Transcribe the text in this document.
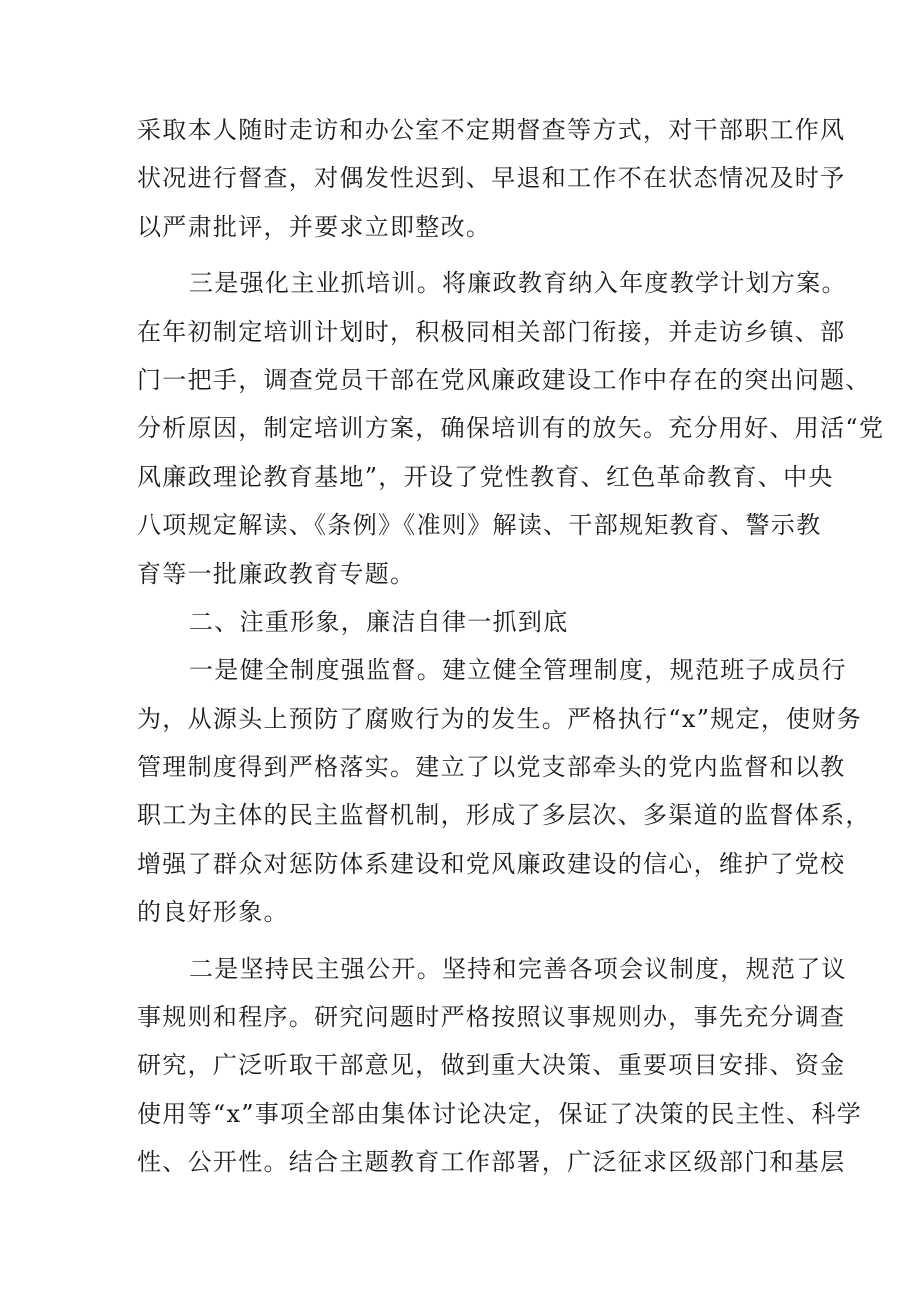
采取本人随时走访和办公室不定期督查等方式，对干部职工作风
状况进行督查，对偶发性迟到、早退和工作不在状态情况及时予
以严肃批评，并要求立即整改。
三是强化主业抓培训。将廉政教育纳入年度教学计划方案。
在年初制定培训计划时，积极同相关部门衔接，并走访乡镇、部
门一把手，调查党员干部在党风廉政建设工作中存在的突出问题、
分析原因，制定培训方案，确保培训有的放矢。充分用好、用活“党
风廉政理论教育基地”，开设了党性教育、红色革命教育、中央
八项规定解读、《条例》《准则》解读、干部规矩教育、警示教
育等一批廉政教育专题。
二、注重形象，廉洁自律一抓到底
一是健全制度强监督。建立健全管理制度，规范班子成员行
为，从源头上预防了腐败行为的发生。严格执行“x”规定，使财务
管理制度得到严格落实。建立了以党支部牵头的党内监督和以教
职工为主体的民主监督机制，形成了多层次、多渠道的监督体系，
增强了群众对惩防体系建设和党风廉政建设的信心，维护了党校
的良好形象。
二是坚持民主强公开。坚持和完善各项会议制度，规范了议
事规则和程序。研究问题时严格按照议事规则办，事先充分调查
研究，广泛听取干部意见，做到重大决策、重要项目安排、资金
使用等“x”事项全部由集体讨论决定，保证了决策的民主性、科学
性、公开性。结合主题教育工作部署，广泛征求区级部门和基层
